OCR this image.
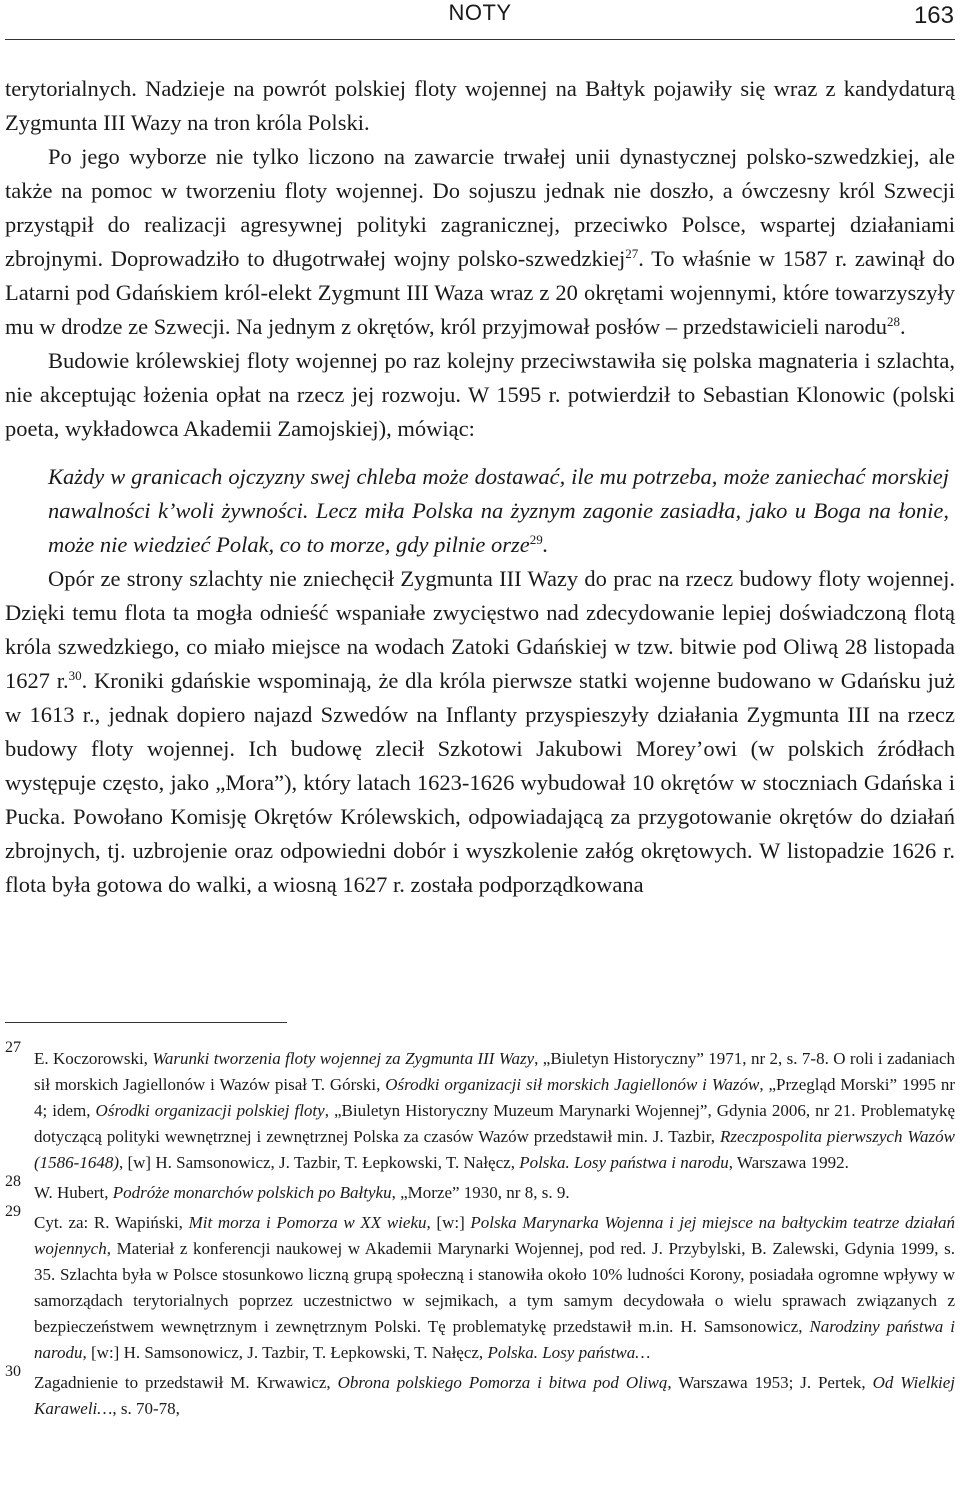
NOTY	163

terytorialnych. Nadzieje na powrót polskiej floty wojennej na Bałtyk pojawiły się wraz z kandydaturą Zygmunta III Wazy na tron króla Polski.

Po jego wyborze nie tylko liczono na zawarcie trwałej unii dynastycznej polsko-szwedzkiej, ale także na pomoc w tworzeniu floty wojennej. Do sojuszu jednak nie doszło, a ówczesny król Szwecji przystąpił do realizacji agresywnej polityki zagranicznej, przeciwko Polsce, wspartej działaniami zbrojnymi. Doprowadziło to długotrwałej wojny polsko-szwedzkiej$^{27}$. To właśnie w 1587 r. zawinął do Latarni pod Gdańskiem król-elekt Zygmunt III Waza wraz z 20 okrętami wojennymi, które towarzyszyły mu w drodze ze Szwecji. Na jednym z okrętów, król przyjmował posłów – przedstawicieli narodu$^{28}$.

Budowie królewskiej floty wojennej po raz kolejny przeciwstawiła się polska magnateria i szlachta, nie akceptując łożenia opłat na rzecz jej rozwoju. W 1595 r. potwierdził to Sebastian Klonowic (polski poeta, wykładowca Akademii Zamojskiej), mówiąc:

Każdy w granicach ojczyzny swej chleba może dostawać, ile mu potrzeba, może zaniechać morskiej nawalności k’woli żywności. Lecz miła Polska na żyznym zagonie zasiadła, jako u Boga na łonie, może nie wiedzieć Polak, co to morze, gdy pilnie orze$^{29}$.

Opór ze strony szlachty nie zniechęcił Zygmunta III Wazy do prac na rzecz budowy floty wojennej. Dzięki temu flota ta mogła odnieść wspaniałe zwycięstwo nad zdecydowanie lepiej doświadczoną flotą króla szwedzkiego, co miało miejsce na wodach Zatoki Gdańskiej w tzw. bitwie pod Oliwą 28 listopada 1627 r.$^{30}$. Kroniki gdańskie wspominają, że dla króla pierwsze statki wojenne budowano w Gdańsku już w 1613 r., jednak dopiero najazd Szwedów na Inflanty przyspieszyły działania Zygmunta III na rzecz budowy floty wojennej. Ich budowę zlecił Szkotowi Jakubowi Morey’owi (w polskich źródłach występuje często, jako „Mora”), który latach 1623-1626 wybudował 10 okrętów w stoczniach Gdańska i Pucka. Powołano Komisję Okrętów Królewskich, odpowiadającą za przygotowanie okrętów do działań zbrojnych, tj. uzbrojenie oraz odpowiedni dobór i wyszkolenie załóg okrętowych. W listopadzie 1626 r. flota była gotowa do walki, a wiosną 1627 r. została podporządkowana

27
E. Koczorowski, Warunki tworzenia floty wojennej za Zygmunta III Wazy, „Biuletyn Historyczny” 1971, nr 2, s. 7-8. O roli i zadaniach sił morskich Jagiellonów i Wazów pisał T. Górski, Ośrodki organizacji sił morskich Jagiellonów i Wazów, „Przegląd Morski” 1995 nr 4; idem, Ośrodki organizacji polskiej floty, „Biuletyn Historyczny Muzeum Marynarki Wojennej”, Gdynia 2006, nr 21. Problematykę dotyczącą polityki wewnętrznej i zewnętrznej Polska za czasów Wazów przedstawił min. J. Tazbir, Rzeczpospolita pierwszych Wazów (1586-1648), [w] H. Samsonowicz, J. Tazbir, T. Łepkowski, T. Nałęcz, Polska. Losy państwa i narodu, Warszawa 1992.

28
W. Hubert, Podróże monarchów polskich po Bałtyku, „Morze” 1930, nr 8, s. 9.

29
Cyt. za: R. Wapiński, Mit morza i Pomorza w XX wieku, [w:] Polska Marynarka Wojenna i jej miejsce na bałtyckim teatrze działań wojennych, Materiał z konferencji naukowej w Akademii Marynarki Wojennej, pod red. J. Przybylski, B. Zalewski, Gdynia 1999, s. 35. Szlachta była w Polsce stosunkowo liczną grupą społeczną i stanowiła około 10% ludności Korony, posiadała ogromne wpływy w samorządach terytorialnych poprzez uczestnictwo w sejmikach, a tym samym decydowała o wielu sprawach związanych z bezpieczeństwem wewnętrznym i zewnętrznym Polski. Tę problematykę przedstawił m.in. H. Samsonowicz, Narodziny państwa i narodu, [w:] H. Samsonowicz, J. Tazbir, T. Łepkowski, T. Nałęcz, Polska. Losy państwa…

30
Zagadnienie to przedstawił M. Krwawicz, Obrona polskiego Pomorza i bitwa pod Oliwą, Warszawa 1953; J. Pertek, Od Wielkiej Karaweli…, s. 70-78,
